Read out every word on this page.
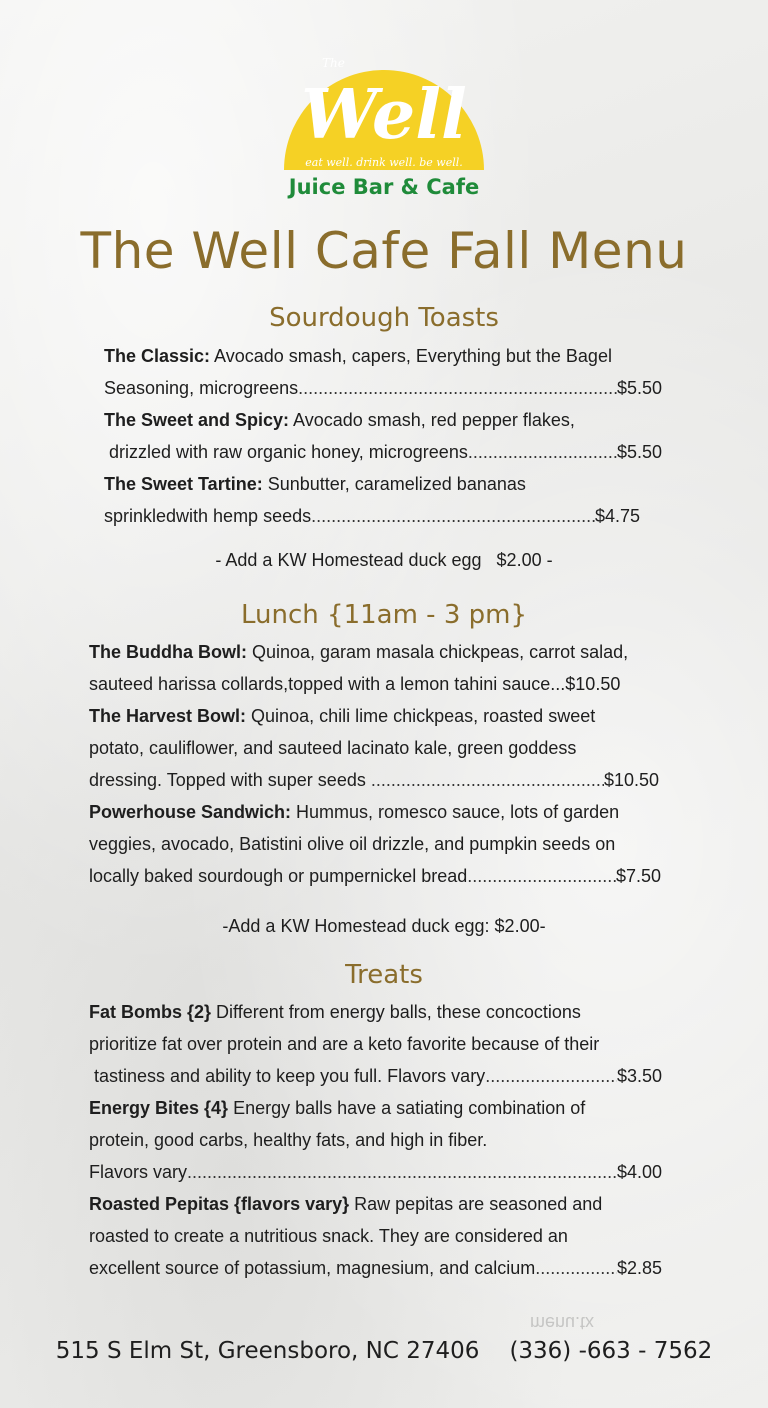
The
Well
eat well. drink well. be well.
Juice Bar & Cafe
The Well Cafe Fall Menu
Sourdough Toasts
The Classic: Avocado smash, capers, Everything but the Bagel
Seasoning, microgreens .....	$5.50
The Sweet and Spicy: Avocado smash, red pepper flakes,
drizzled with raw organic honey, microgreens .....	$5.50
The Sweet Tartine: Sunbutter, caramelized bananas
sprinkledwith hemp seeds .....	$4.75
- Add a KW Homestead duck egg   $2.00 -
Lunch {11am - 3 pm}
The Buddha Bowl: Quinoa, garam masala chickpeas, carrot salad,
sauteed harissa collards,topped with a lemon tahini sauce... $10.50
The Harvest Bowl: Quinoa, chili lime chickpeas, roasted sweet
potato, cauliflower, and sauteed lacinato kale, green goddess
dressing. Topped with super seeds .....	$10.50
Powerhouse Sandwich: Hummus, romesco sauce, lots of garden
veggies, avocado, Batistini olive oil drizzle, and pumpkin seeds on
locally baked sourdough or pumpernickel bread .....	$7.50
-Add a KW Homestead duck egg: $2.00-
Treats
Fat Bombs {2} Different from energy balls, these concoctions
prioritize fat over protein and are a keto favorite because of their
tastiness and ability to keep you full. Flavors vary .....	$3.50
Energy Bites {4} Energy balls have a satiating combination of
protein, good carbs, healthy fats, and high in fiber.
Flavors vary .....	$4.00
Roasted Pepitas {flavors vary} Raw pepitas are seasoned and
roasted to create a nutritious snack. They are considered an
excellent source of potassium, magnesium, and calcium .....	$2.85
menu.tx
515 S Elm St, Greensboro, NC 27406 (336) -663 - 7562
